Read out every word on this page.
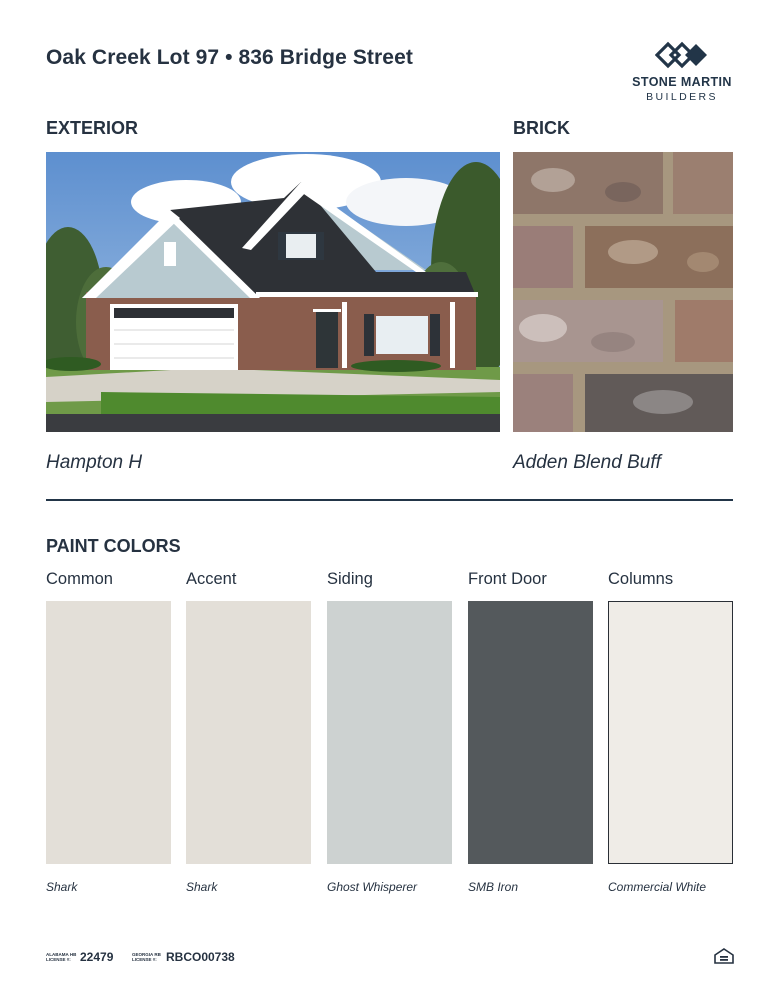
Oak Creek Lot 97 • 836 Bridge Street
STONE MARTIN
BUILDERS
EXTERIOR	BRICK
Hampton H	Adden Blend Buff
PAINT COLORS
Common	Accent	Siding	Front Door	Columns
Shark	Shark	Ghost Whisperer	SMB Iron	Commercial White
ALABAMA HB LICENSE #: 22479	GEORGIA RB LICENSE #: RBCO00738
